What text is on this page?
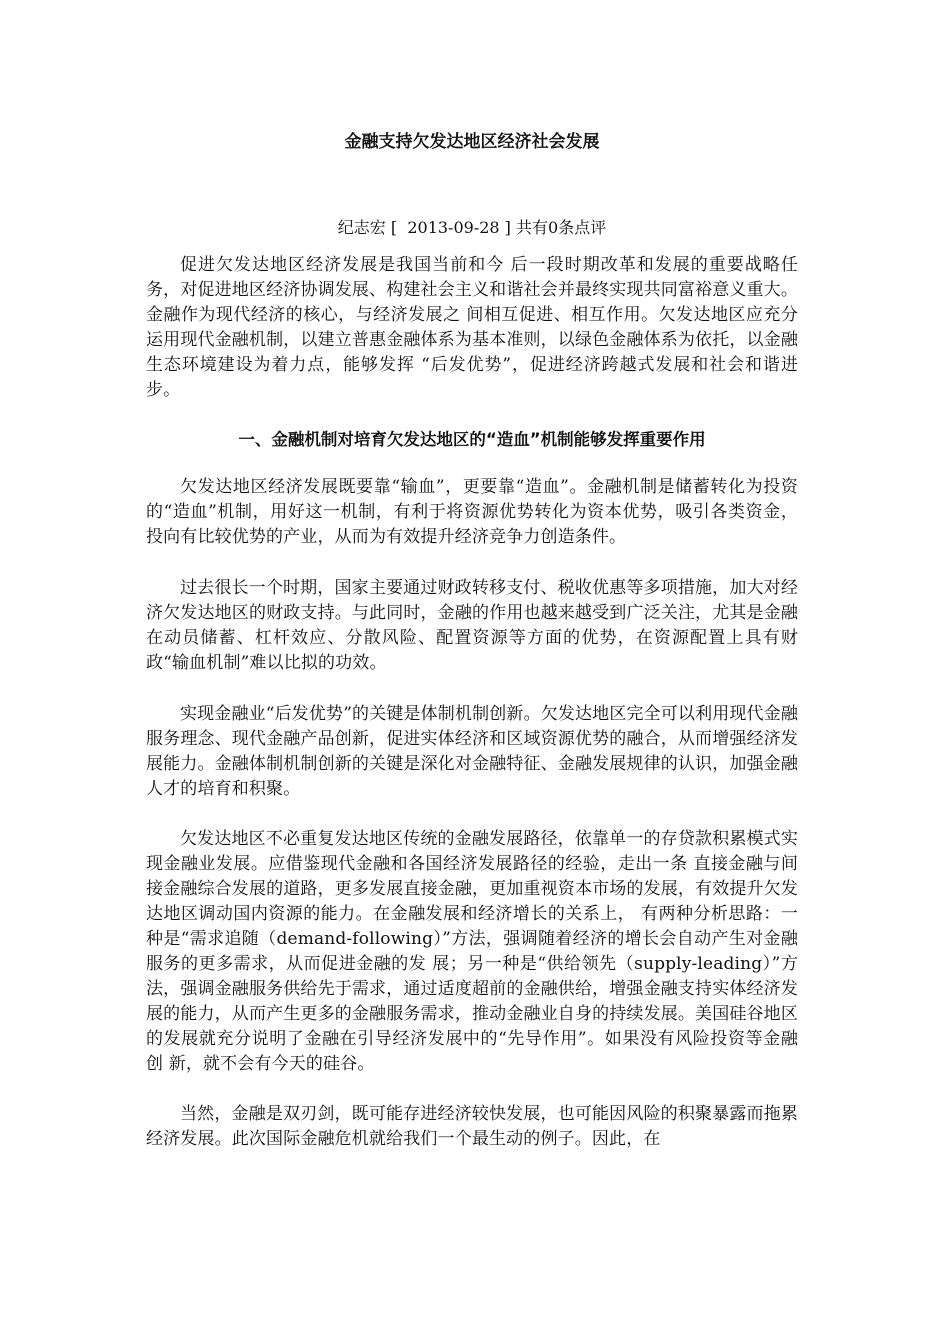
金融支持欠发达地区经济社会发展
纪志宏 [ 2013-09-28 ] 共有0条点评

促进欠发达地区经济发展是我国当前和今 后一段时期改革和发展的重要战略任务，对促进地区经济协调发展、构建社会主义和谐社会并最终实现共同富裕意义重大。金融作为现代经济的核心，与经济发展之 间相互促进、相互作用。欠发达地区应充分运用现代金融机制，以建立普惠金融体系为基本准则，以绿色金融体系为依托，以金融生态环境建设为着力点，能够发挥 “后发优势”，促进经济跨越式发展和社会和谐进步。

一、金融机制对培育欠发达地区的“造血”机制能够发挥重要作用

欠发达地区经济发展既要靠“输血”，更要靠“造血”。金融机制是储蓄转化为投资的“造血”机制，用好这一机制，有利于将资源优势转化为资本优势，吸引各类资金，投向有比较优势的产业，从而为有效提升经济竞争力创造条件。

过去很长一个时期，国家主要通过财政转移支付、税收优惠等多项措施，加大对经济欠发达地区的财政支持。与此同时，金融的作用也越来越受到广泛关注，尤其是金融在动员储蓄、杠杆效应、分散风险、配置资源等方面的优势，在资源配置上具有财政“输血机制”难以比拟的功效。

实现金融业“后发优势”的关键是体制机制创新。欠发达地区完全可以利用现代金融服务理念、现代金融产品创新，促进实体经济和区域资源优势的融合，从而增强经济发展能力。金融体制机制创新的关键是深化对金融特征、金融发展规律的认识，加强金融人才的培育和积聚。

欠发达地区不必重复发达地区传统的金融发展路径，依靠单一的存贷款积累模式实现金融业发展。应借鉴现代金融和各国经济发展路径的经验，走出一条 直接金融与间接金融综合发展的道路，更多发展直接金融，更加重视资本市场的发展，有效提升欠发达地区调动国内资源的能力。在金融发展和经济增长的关系上， 有两种分析思路：一种是“需求追随（demand-following）”方法，强调随着经济的增长会自动产生对金融服务的更多需求，从而促进金融的发 展；另一种是“供给领先（supply-leading）”方法，强调金融服务供给先于需求，通过适度超前的金融供给，增强金融支持实体经济发展的能力，从而产生更多的金融服务需求，推动金融业自身的持续发展。美国硅谷地区的发展就充分说明了金融在引导经济发展中的“先导作用”。如果没有风险投资等金融创 新，就不会有今天的硅谷。

当然，金融是双刃剑，既可能存进经济较快发展，也可能因风险的积聚暴露而拖累经济发展。此次国际金融危机就给我们一个最生动的例子。因此，在
